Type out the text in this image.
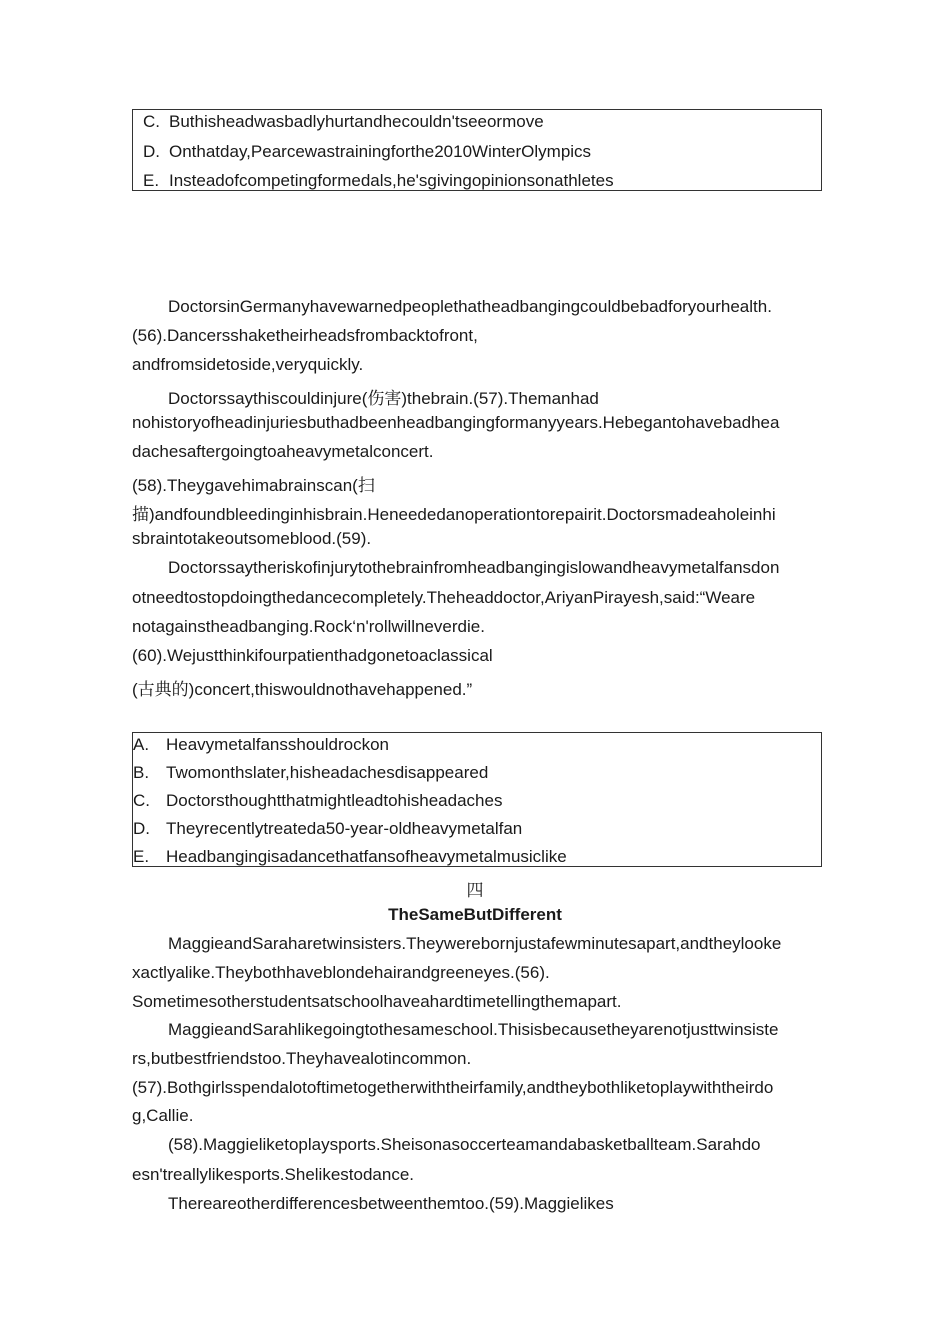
C. Buthisheadwasbadlyhurtandhecouldn'tseeormove
D. Onthatday,Pearcewastrainingforthe2010WinterOlympics
E. Insteadofcompetingformedals,he'sgivingopinionsonathletes
DoctorsinGermanyhavewarnedpeoplethatheadbangingcouldbebadforyourhealth.
(56).Dancersshaketheirheadsfrombacktofront,
andfromsidetoside,veryquickly.
Doctorssaythiscouldinjure(伤害)thebrain.(57).Themanhad
nohistoryofheadinjuriesbuthadbeenheadbangingformanyyears.Hebegantohavebadhea
dachesaftergoingtoaheavymetalconcert.
(58).Theygavehimabrainscan(扫
描)andfoundbleedinginhisbrain.Heneededanoperationtorepairit.Doctorsmadeaholeinhi
sbraintotakeoutsomeblood.(59).
Doctorssaytheriskofinjurytothebrainfromheadbangingislowandheavymetalfansdon
otneedtostopdoingthedancecompletely.Theheaddoctor,AriyanPirayesh,said:“Weare
notagainstheadbanging.Rock‘n'rollwillneverdie.
(60).Wejustthinkifourpatienthadgonetoaclassical
(古典的)concert,thiswouldnothavehappened.”
A. Heavymetalfansshouldrockon
B. Twomonthslater,hisheadachesdisappeared
C. Doctorsthoughtthatmightleadtohisheadaches
D. Theyrecentlytreateda50-year-oldheavymetalfan
E. Headbangingisadancethatfansofheavymetalmusiclike
四
TheSameButDifferent
MaggieandSaraharetwinsisters.Theywerebornjustafewminutesapart,andtheylooke
xactlyalike.Theybothhaveblondehairandgreeneyes.(56).
Sometimesotherstudentsatschoolhaveahardtimetellingthemapart.
MaggieandSarahlikegoingtothesameschool.Thisisbecausetheyarenotjusttwinsiste
rs,butbestfriendstoo.Theyhavealotincommon.
(57).Bothgirlsspendalotoftimetogetherwiththeirfamily,andtheybothliketoplaywiththeirdo
g,Callie.
(58).Maggieliketoplaysports.Sheisonasoccerteamandabasketballteam.Sarahdo
esn'treallylikesports.Shelikestodance.
Thereareotherdifferencesbetweenthemtoo.(59).Maggielikes
